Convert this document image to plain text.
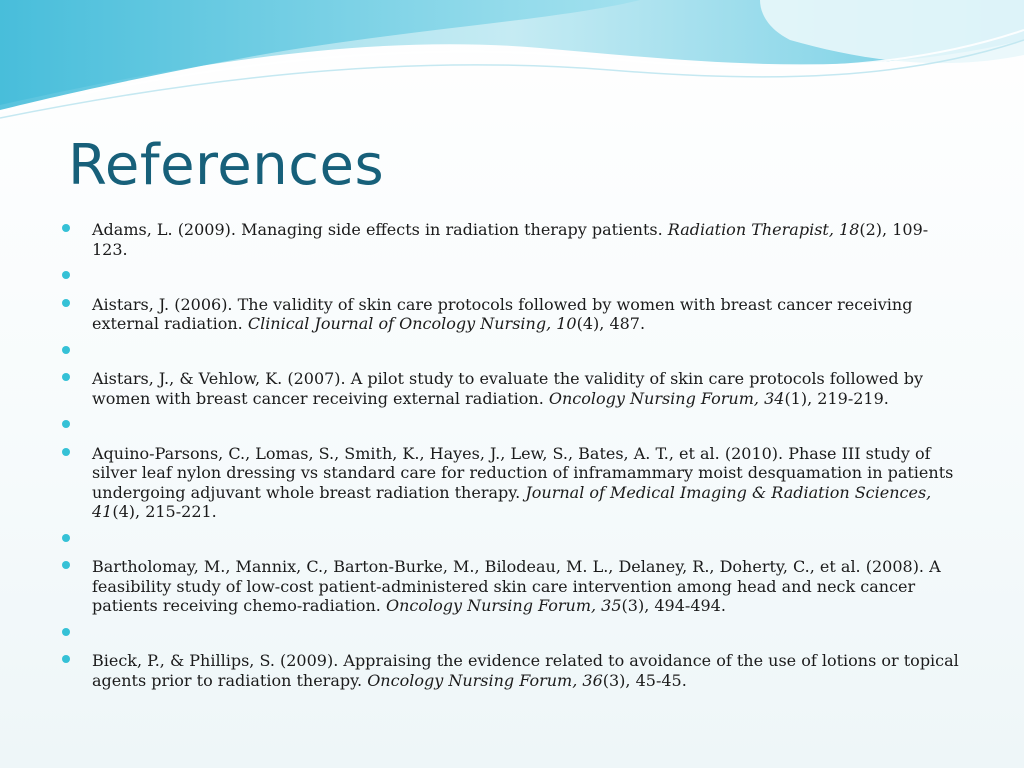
References
Adams, L. (2009). Managing side effects in radiation therapy patients. Radiation Therapist, 18(2), 109-123.
Aistars, J. (2006). The validity of skin care protocols followed by women with breast cancer receiving external radiation. Clinical Journal of Oncology Nursing, 10(4), 487.
Aistars, J., & Vehlow, K. (2007). A pilot study to evaluate the validity of skin care protocols followed by women with breast cancer receiving external radiation. Oncology Nursing Forum, 34(1), 219-219.
Aquino-Parsons, C., Lomas, S., Smith, K., Hayes, J., Lew, S., Bates, A. T., et al. (2010). Phase III study of silver leaf nylon dressing vs standard care for reduction of inframammary moist desquamation in patients undergoing adjuvant whole breast radiation therapy. Journal of Medical Imaging & Radiation Sciences, 41(4), 215-221.
Bartholomay, M., Mannix, C., Barton-Burke, M., Bilodeau, M. L., Delaney, R., Doherty, C., et al. (2008). A feasibility study of low-cost patient-administered skin care intervention among head and neck cancer patients receiving chemo-radiation. Oncology Nursing Forum, 35(3), 494-494.
Bieck, P., & Phillips, S. (2009). Appraising the evidence related to avoidance of the use of lotions or topical agents prior to radiation therapy. Oncology Nursing Forum, 36(3), 45-45.
